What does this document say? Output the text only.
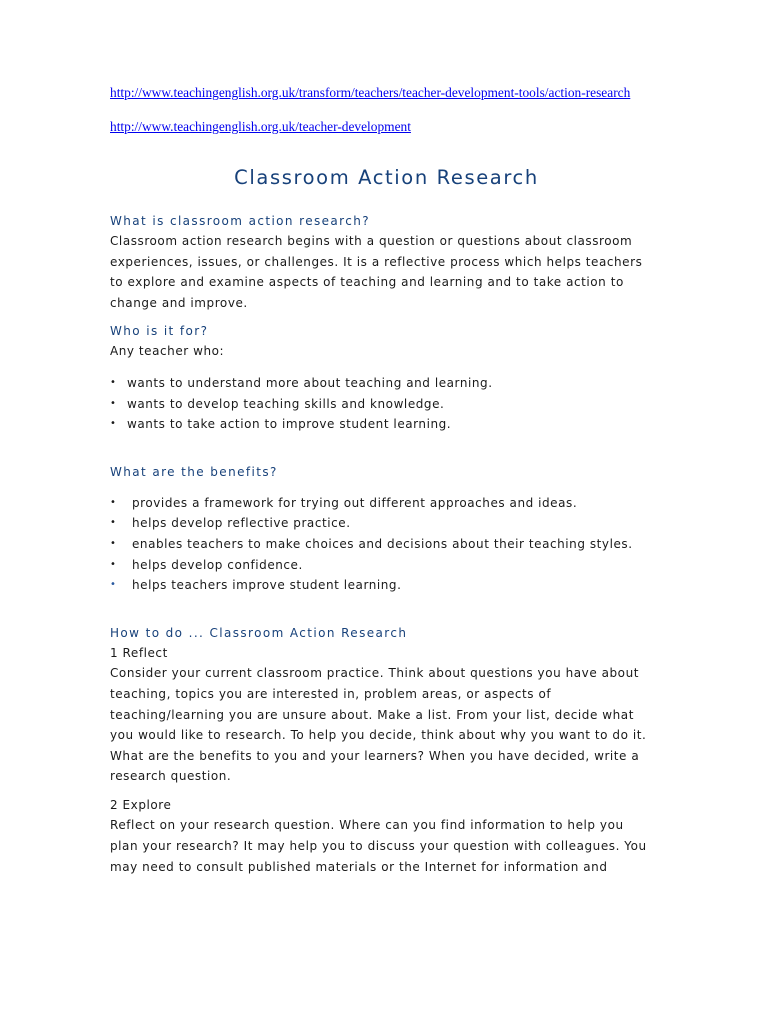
http://www.teachingenglish.org.uk/transform/teachers/teacher-development-tools/action-research
http://www.teachingenglish.org.uk/teacher-development
Classroom Action Research

What is classroom action research?

Classroom action research begins with a question or questions about classroom experiences, issues, or challenges. It is a reflective process which helps teachers to explore and examine aspects of teaching and learning and to take action to change and improve.

Who is it for?

Any teacher who:

• wants to understand more about teaching and learning.
• wants to develop teaching skills and knowledge.
• wants to take action to improve student learning.

What are the benefits?

• provides a framework for trying out different approaches and ideas.
• helps develop reflective practice.
• enables teachers to make choices and decisions about their teaching styles.
• helps develop confidence.
• helps teachers improve student learning.

How to do ... Classroom Action Research

1 Reflect

Consider your current classroom practice. Think about questions you have about teaching, topics you are interested in, problem areas, or aspects of teaching/learning you are unsure about. Make a list. From your list, decide what you would like to research. To help you decide, think about why you want to do it. What are the benefits to you and your learners? When you have decided, write a research question.

2 Explore

Reflect on your research question. Where can you find information to help you plan your research? It may help you to discuss your question with colleagues. You may need to consult published materials or the Internet for information and
